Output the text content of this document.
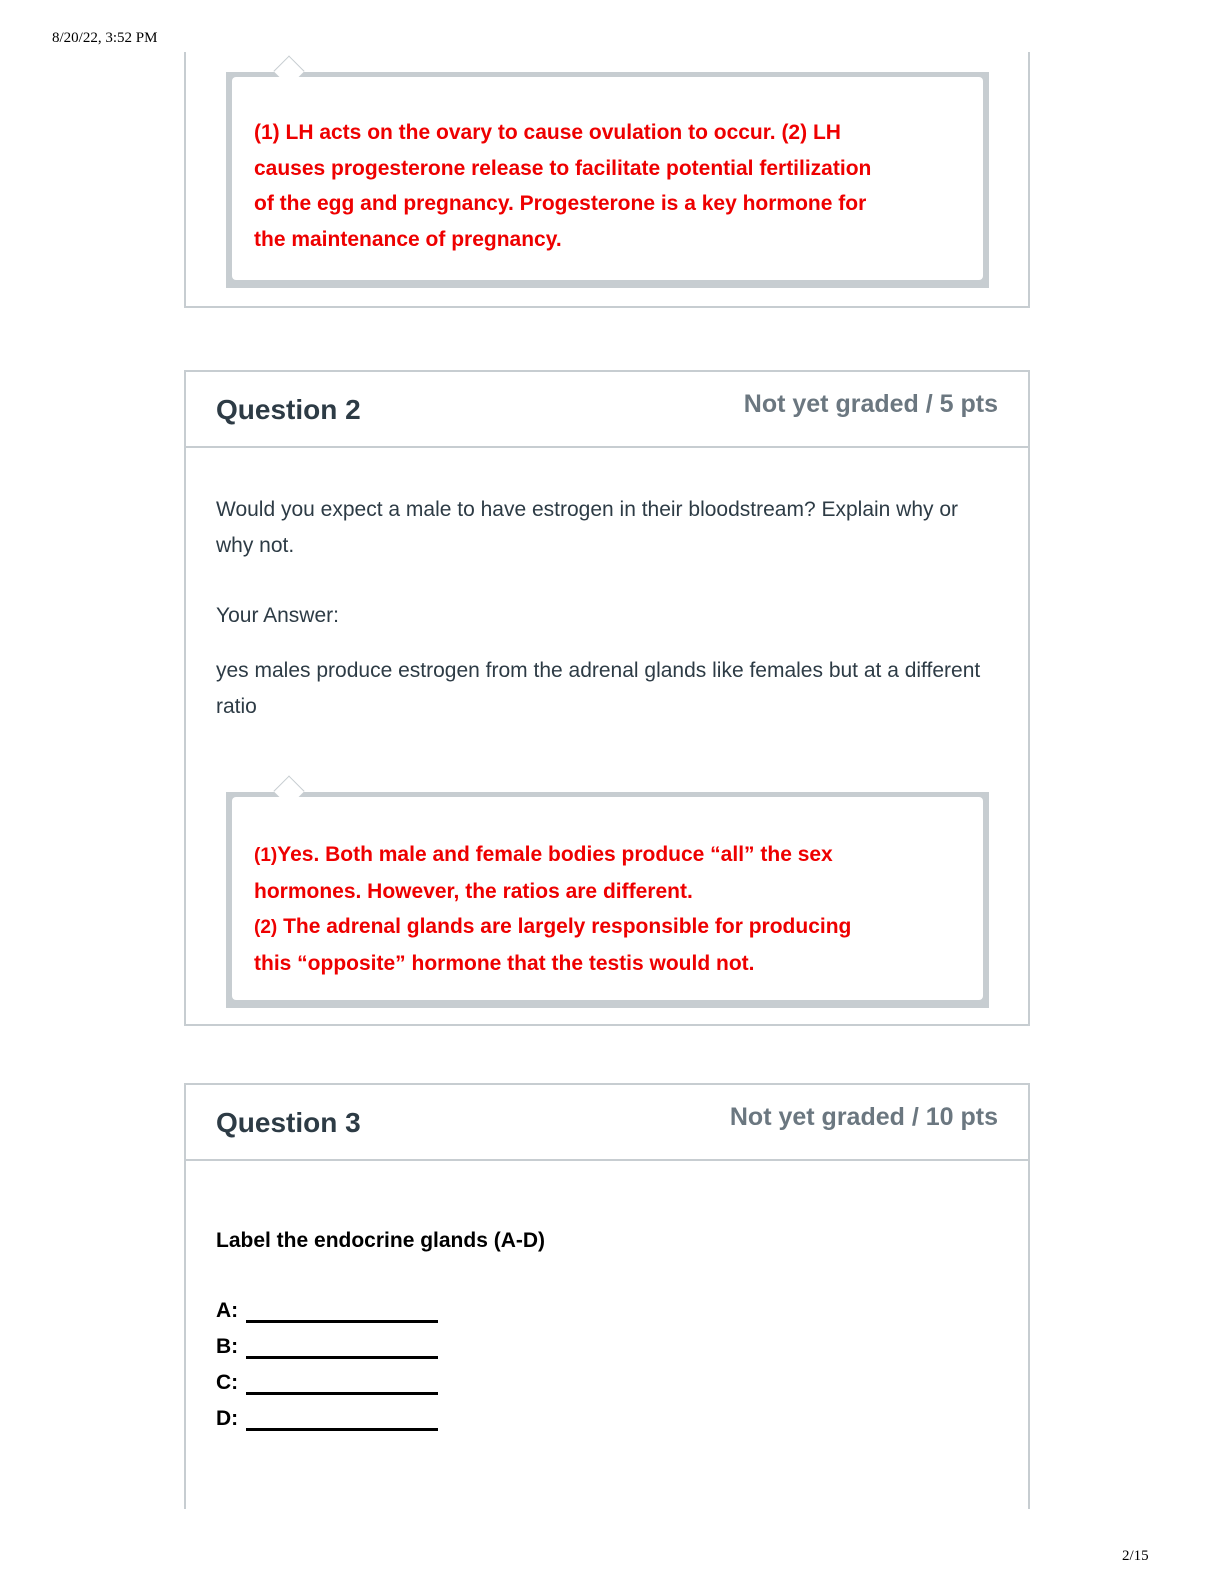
8/20/22, 3:52 PM
(1) LH acts on the ovary to cause ovulation to occur. (2) LH
causes progesterone release to facilitate potential fertilization
of the egg and pregnancy. Progesterone is a key hormone for
the maintenance of pregnancy.
Question 2	Not yet graded / 5 pts
Would you expect a male to have estrogen in their bloodstream? Explain why or why not.
Your Answer:
yes males produce estrogen from the adrenal glands like females but at a different ratio
(1)Yes. Both male and female bodies produce “all” the sex
hormones. However, the ratios are different.
(2) The adrenal glands are largely responsible for producing
this “opposite” hormone that the testis would not.
Question 3	Not yet graded / 10 pts
Label the endocrine glands (A-D)
A:
B:
C:
D:
2/15
